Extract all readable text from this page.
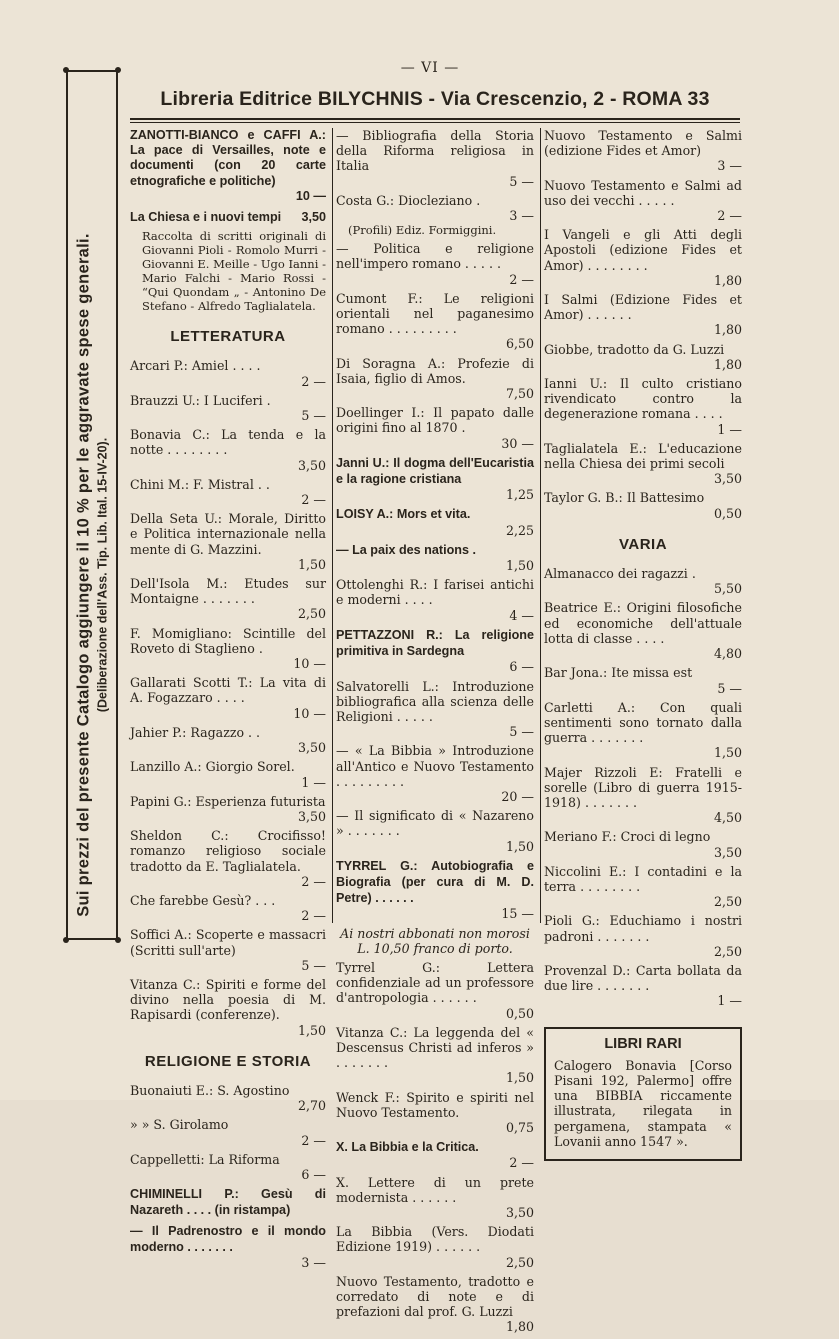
— VI —
Libreria Editrice BILYCHNIS - Via Crescenzio, 2 - ROMA 33
Sui prezzi del presente Catalogo aggiungere il 10 % per le aggravate spese generali. (Deliberazione dell'Ass. Tip. Lib. Ital. 15-IV-20).
ZANOTTI-BIANCO e CAFFI A.: La pace di Versailles, note e documenti (con 20 carte etnografiche e politiche)
10 —
La Chiesa e i nuovi tempi 3,50
Raccolta di scritti originali di Giovanni Pioli - Romolo Murri - Giovanni E. Meille - Ugo Ianni - Mario Falchi - Mario Rossi - “Qui Quondam „ - Antonino De Stefano - Alfredo Taglialatela.
LETTERATURA
Arcari P.: Amiel . . . .
2 —
Brauzzi U.: I Luciferi .
5 —
Bonavia C.: La tenda e la notte . . . . . . . .
3,50
Chini M.: F. Mistral . .
2 —
Della Seta U.: Morale, Diritto e Politica internazionale nella mente di G. Mazzini.
1,50
Dell'Isola M.: Etudes sur Montaigne . . . . . . .
2,50
F. Momigliano: Scintille del Roveto di Staglieno .
10 —
Gallarati Scotti T.: La vita di A. Fogazzaro . . . .
10 —
Jahier P.: Ragazzo . .
3,50
Lanzillo A.: Giorgio Sorel.
1 —
Papini G.: Esperienza futurista
3,50
Sheldon C.: Crocifisso! romanzo religioso sociale tradotto da E. Taglialatela.
2 —
Che farebbe Gesù? . . .
2 —
Soffici A.: Scoperte e massacri (Scritti sull'arte)
5 —
Vitanza C.: Spiriti e forme del divino nella poesia di M. Rapisardi (conferenze).
1,50
RELIGIONE E STORIA
Buonaiuti E.: S. Agostino
2,70
» » S. Girolamo
2 —
Cappelletti: La Riforma
6 —
CHIMINELLI P.: Gesù di Nazareth . . . . (in ristampa)
— Il Padrenostro e il mondo moderno . . . . . . .
3 —
— Bibliografia della Storia della Riforma religiosa in Italia
5 —
Costa G.: Diocleziano .
3 —
(Profili) Ediz. Formiggini.
— Politica e religione nell'impero romano . . . . .
2 —
Cumont F.: Le religioni orientali nel paganesimo romano . . . . . . . . .
6,50
Di Soragna A.: Profezie di Isaia, figlio di Amos.
7,50
Doellinger I.: Il papato dalle origini fino al 1870 .
30 —
Janni U.: Il dogma dell'Eucaristia e la ragione cristiana
1,25
LOISY A.: Mors et vita.
2,25
— La paix des nations .
1,50
Ottolenghi R.: I farisei antichi e moderni . . . .
4 —
PETTAZZONI R.: La religione primitiva in Sardegna
6 —
Salvatorelli L.: Introduzione bibliografica alla scienza delle Religioni . . . . .
5 —
— « La Bibbia » Introduzione all'Antico e Nuovo Testamento . . . . . . . . .
20 —
— Il significato di « Nazareno » . . . . . . .
1,50
TYRREL G.: Autobiografia e Biografia (per cura di M. D. Petre) . . . . . .
15 —
Ai nostri abbonati non morosi L. 10,50 franco di porto.
Tyrrel G.: Lettera confidenziale ad un professore d'antropologia . . . . . .
0,50
Vitanza C.: La leggenda del « Descensus Christi ad inferos » . . . . . . .
1,50
Wenck F.: Spirito e spiriti nel Nuovo Testamento.
0,75
X. La Bibbia e la Critica.
2 —
X. Lettere di un prete modernista . . . . . .
3,50
La Bibbia (Vers. Diodati Edizione 1919) . . . . . .
2,50
Nuovo Testamento, tradotto e corredato di note e di prefazioni dal prof. G. Luzzi
1,80
Nuovo Testamento e Salmi (edizione Fides et Amor)
3 —
Nuovo Testamento e Salmi ad uso dei vecchi . . . . .
2 —
I Vangeli e gli Atti degli Apostoli (edizione Fides et Amor) . . . . . . . .
1,80
I Salmi (Edizione Fides et Amor) . . . . . .
1,80
Giobbe, tradotto da G. Luzzi
1,80
Ianni U.: Il culto cristiano rivendicato contro la degenerazione romana . . . .
1 —
Taglialatela E.: L'educazione nella Chiesa dei primi secoli
3,50
Taylor G. B.: Il Battesimo
0,50
VARIA
Almanacco dei ragazzi .
5,50
Beatrice E.: Origini filosofiche ed economiche dell'attuale lotta di classe . . . .
4,80
Bar Jona.: Ite missa est
5 —
Carletti A.: Con quali sentimenti sono tornato dalla guerra . . . . . . .
1,50
Majer Rizzoli E: Fratelli e sorelle (Libro di guerra 1915-1918) . . . . . . .
4,50
Meriano F.: Croci di legno
3,50
Niccolini E.: I contadini e la terra . . . . . . . .
2,50
Pioli G.: Educhiamo i nostri padroni . . . . . . .
2,50
Provenzal D.: Carta bollata da due lire . . . . . . .
1 —
LIBRI RARI
Calogero Bonavia [Corso Pisani 192, Palermo] offre una BIBBIA riccamente illustrata, rilegata in pergamena, stampata « Lovanii anno 1547 ».
